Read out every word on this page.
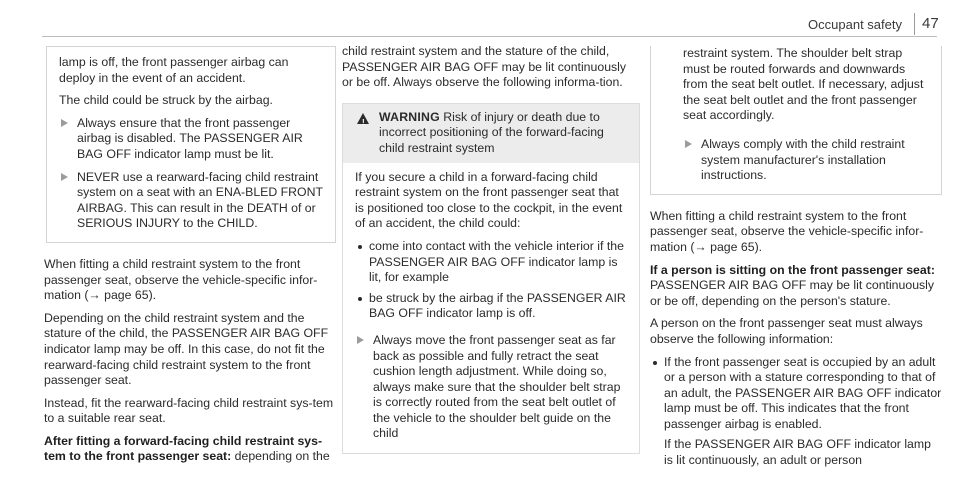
Occupant safety 47

lamp is off, the front passenger airbag can deploy in the event of an accident.

The child could be struck by the airbag.

Always ensure that the front passenger airbag is disabled. The PASSENGER AIR BAG OFF indicator lamp must be lit.
NEVER use a rearward-facing child restraint system on a seat with an ENA-BLED FRONT AIRBAG. This can result in the DEATH of or SERIOUS INJURY to the CHILD.

When fitting a child restraint system to the front passenger seat, observe the vehicle-specific infor-mation (→ page 65).

Depending on the child restraint system and the stature of the child, the PASSENGER AIR BAG OFF indicator lamp may be off. In this case, do not fit the rearward-facing child restraint system to the front passenger seat.

Instead, fit the rearward-facing child restraint sys-tem to a suitable rear seat.

After fitting a forward-facing child restraint sys-tem to the front passenger seat: depending on the

child restraint system and the stature of the child, PASSENGER AIR BAG OFF may be lit continuously or be off. Always observe the following informa-tion.

! WARNING Risk of injury or death due to incorrect positioning of the forward-facing child restraint system

If you secure a child in a forward-facing child restraint system on the front passenger seat that is positioned too close to the cockpit, in the event of an accident, the child could:

come into contact with the vehicle interior if the PASSENGER AIR BAG OFF indicator lamp is lit, for example
be struck by the airbag if the PASSENGER AIR BAG OFF indicator lamp is off.
Always move the front passenger seat as far back as possible and fully retract the seat cushion length adjustment. While doing so, always make sure that the shoulder belt strap is correctly routed from the seat belt outlet of the vehicle to the shoulder belt guide on the child

restraint system. The shoulder belt strap must be routed forwards and downwards from the seat belt outlet. If necessary, adjust the seat belt outlet and the front passenger seat accordingly.

Always comply with the child restraint system manufacturer's installation instructions.

When fitting a child restraint system to the front passenger seat, observe the vehicle-specific infor-mation (→ page 65).

If a person is sitting on the front passenger seat:
PASSENGER AIR BAG OFF may be lit continuously or be off, depending on the person's stature.

A person on the front passenger seat must always observe the following information:

If the front passenger seat is occupied by an adult or a person with a stature corresponding to that of an adult, the PASSENGER AIR BAG OFF indicator lamp must be off. This indicates that the front passenger airbag is enabled.
If the PASSENGER AIR BAG OFF indicator lamp is lit continuously, an adult or person
